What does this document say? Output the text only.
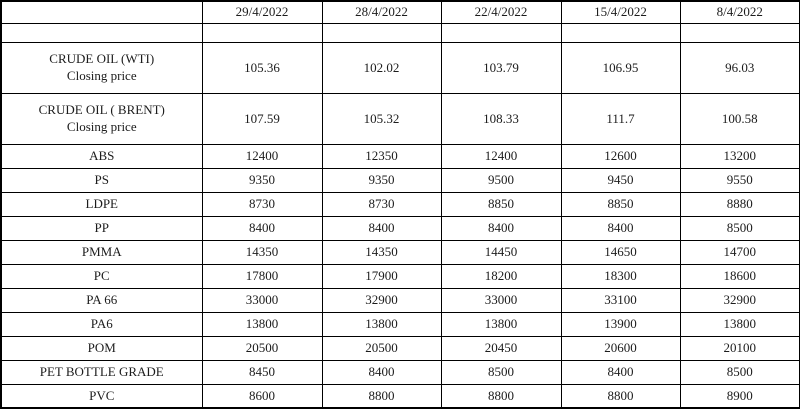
	29/4/2022	28/4/2022	22/4/2022	15/4/2022	8/4/2022

CRUDE OIL (WTI)
Closing price	105.36	102.02	103.79	106.95	96.03

CRUDE OIL ( BRENT)
Closing price	107.59	105.32	108.33	111.7	100.58
ABS	12400	12350	12400	12600	13200
PS	9350	9350	9500	9450	9550
LDPE	8730	8730	8850	8850	8880
PP	8400	8400	8400	8400	8500
PMMA	14350	14350	14450	14650	14700
PC	17800	17900	18200	18300	18600
PA 66	33000	32900	33000	33100	32900
PA6	13800	13800	13800	13900	13800
POM	20500	20500	20450	20600	20100
PET BOTTLE GRADE	8450	8400	8500	8400	8500
PVC	8600	8800	8800	8800	8900
